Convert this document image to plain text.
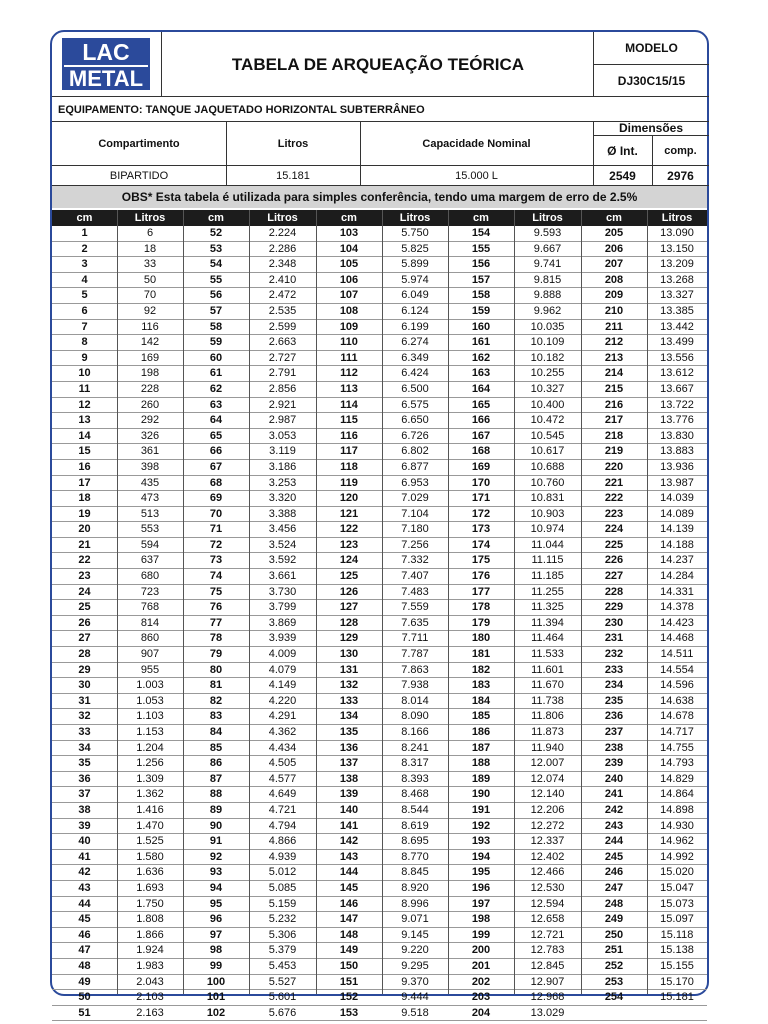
LAC
METAL
TABELA DE ARQUEAÇÃO TEÓRICA
MODELO
DJ30C15/15
EQUIPAMENTO: TANQUE JAQUETADO HORIZONTAL SUBTERRÂNEO
Compartimento	Litros	Capacidade Nominal
Dimensões
Ø Int.	comp.
BIPARTIDO	15.181	15.000 L	2549	2976
OBS* Esta tabela é utilizada para simples conferência, tendo uma margem de erro de 2.5%
cm	Litros	cm	Litros	cm	Litros	cm	Litros	cm	Litros
1	6	52	2.224	103	5.750	154	9.593	205	13.090
2	18	53	2.286	104	5.825	155	9.667	206	13.150
3	33	54	2.348	105	5.899	156	9.741	207	13.209
4	50	55	2.410	106	5.974	157	9.815	208	13.268
5	70	56	2.472	107	6.049	158	9.888	209	13.327
6	92	57	2.535	108	6.124	159	9.962	210	13.385
7	116	58	2.599	109	6.199	160	10.035	211	13.442
8	142	59	2.663	110	6.274	161	10.109	212	13.499
9	169	60	2.727	111	6.349	162	10.182	213	13.556
10	198	61	2.791	112	6.424	163	10.255	214	13.612
11	228	62	2.856	113	6.500	164	10.327	215	13.667
12	260	63	2.921	114	6.575	165	10.400	216	13.722
13	292	64	2.987	115	6.650	166	10.472	217	13.776
14	326	65	3.053	116	6.726	167	10.545	218	13.830
15	361	66	3.119	117	6.802	168	10.617	219	13.883
16	398	67	3.186	118	6.877	169	10.688	220	13.936
17	435	68	3.253	119	6.953	170	10.760	221	13.987
18	473	69	3.320	120	7.029	171	10.831	222	14.039
19	513	70	3.388	121	7.104	172	10.903	223	14.089
20	553	71	3.456	122	7.180	173	10.974	224	14.139
21	594	72	3.524	123	7.256	174	11.044	225	14.188
22	637	73	3.592	124	7.332	175	11.115	226	14.237
23	680	74	3.661	125	7.407	176	11.185	227	14.284
24	723	75	3.730	126	7.483	177	11.255	228	14.331
25	768	76	3.799	127	7.559	178	11.325	229	14.378
26	814	77	3.869	128	7.635	179	11.394	230	14.423
27	860	78	3.939	129	7.711	180	11.464	231	14.468
28	907	79	4.009	130	7.787	181	11.533	232	14.511
29	955	80	4.079	131	7.863	182	11.601	233	14.554
30	1.003	81	4.149	132	7.938	183	11.670	234	14.596
31	1.053	82	4.220	133	8.014	184	11.738	235	14.638
32	1.103	83	4.291	134	8.090	185	11.806	236	14.678
33	1.153	84	4.362	135	8.166	186	11.873	237	14.717
34	1.204	85	4.434	136	8.241	187	11.940	238	14.755
35	1.256	86	4.505	137	8.317	188	12.007	239	14.793
36	1.309	87	4.577	138	8.393	189	12.074	240	14.829
37	1.362	88	4.649	139	8.468	190	12.140	241	14.864
38	1.416	89	4.721	140	8.544	191	12.206	242	14.898
39	1.470	90	4.794	141	8.619	192	12.272	243	14.930
40	1.525	91	4.866	142	8.695	193	12.337	244	14.962
41	1.580	92	4.939	143	8.770	194	12.402	245	14.992
42	1.636	93	5.012	144	8.845	195	12.466	246	15.020
43	1.693	94	5.085	145	8.920	196	12.530	247	15.047
44	1.750	95	5.159	146	8.996	197	12.594	248	15.073
45	1.808	96	5.232	147	9.071	198	12.658	249	15.097
46	1.866	97	5.306	148	9.145	199	12.721	250	15.118
47	1.924	98	5.379	149	9.220	200	12.783	251	15.138
48	1.983	99	5.453	150	9.295	201	12.845	252	15.155
49	2.043	100	5.527	151	9.370	202	12.907	253	15.170
50	2.103	101	5.601	152	9.444	203	12.968	254	15.181
51	2.163	102	5.676	153	9.518	204	13.029
